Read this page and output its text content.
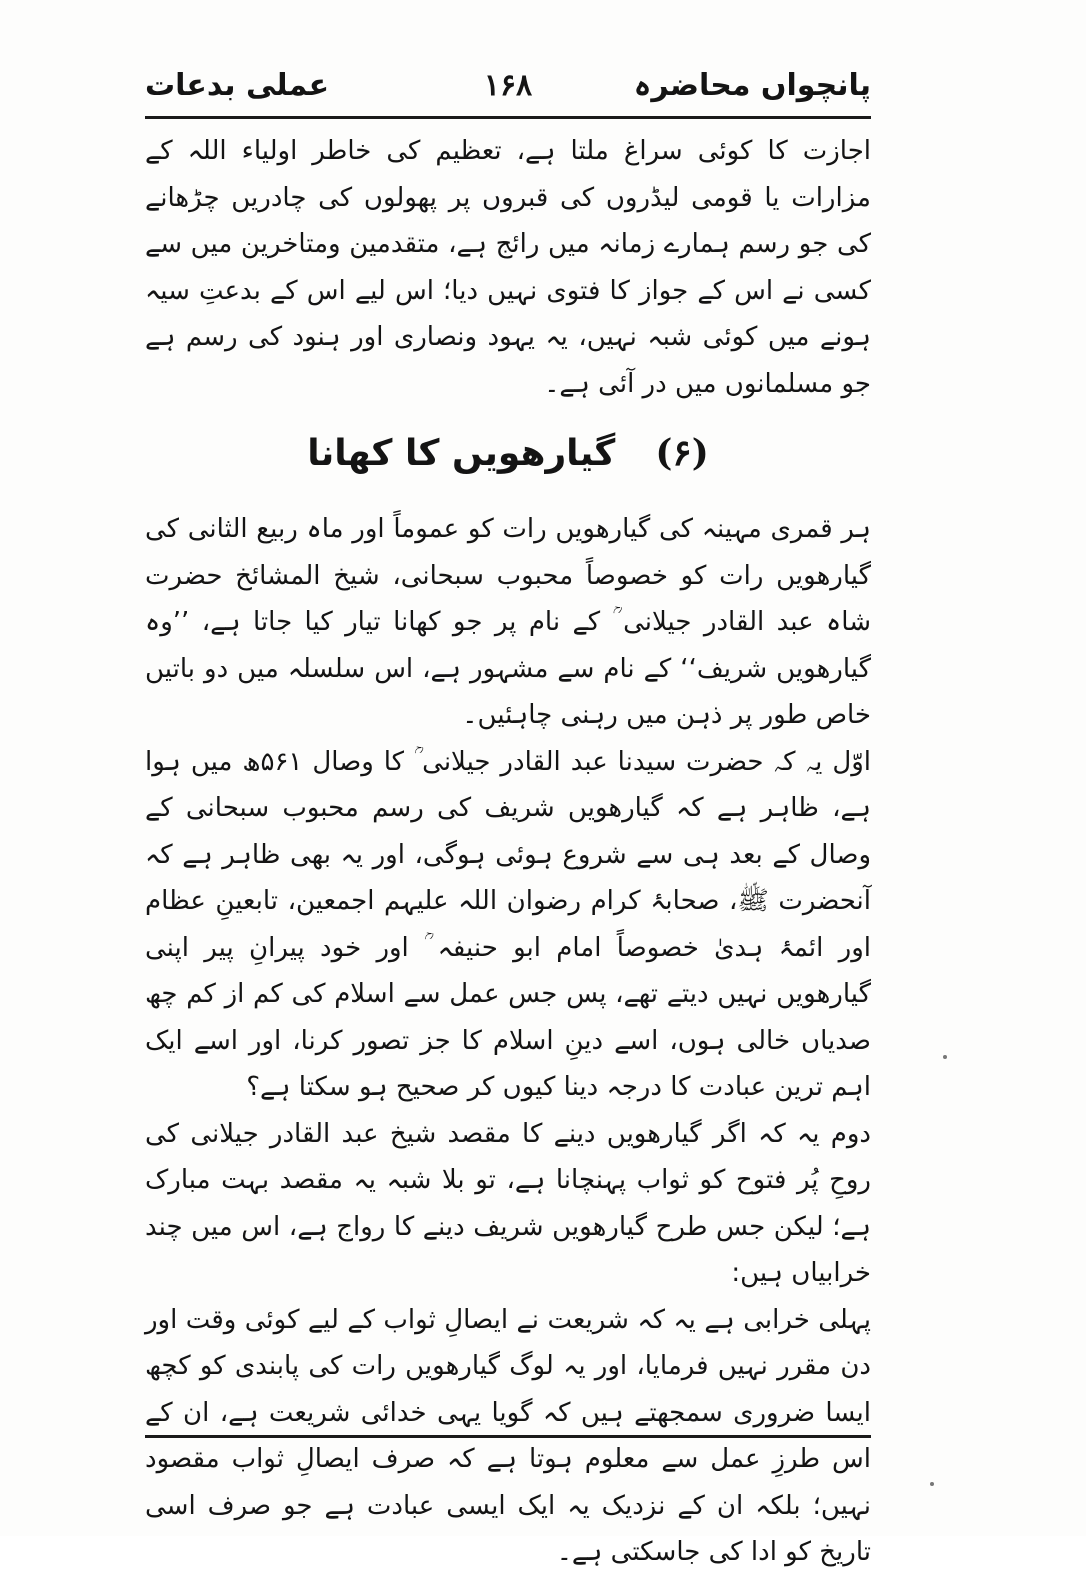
پانچواں محاضرہ
۱۶۸
عملی بدعات

اجازت کا کوئی سراغ ملتا ہے، تعظیم کی خاطر اولیاء اللہ کے مزارات یا قومی لیڈروں کی قبروں پر پھولوں کی چادریں چڑھانے کی جو رسم ہمارے زمانہ میں رائج ہے، متقدمین ومتاخرین میں سے کسی نے اس کے جواز کا فتوی نہیں دیا؛ اس لیے اس کے بدعتِ سیہ ہونے میں کوئی شبہ نہیں، یہ یہود ونصاری اور ہنود کی رسم ہے جو مسلمانوں میں در آئی ہے۔

(۶)گیارھویں کا کھانا

ہر قمری مہینہ کی گیارھویں رات کو عموماً اور ماہ ربیع الثانی کی گیارھویں رات کو خصوصاً محبوب سبحانی، شیخ المشائخ حضرت شاہ عبد القادر جیلانی ؒ کے نام پر جو کھانا تیار کیا جاتا ہے، ’’وہ گیارھویں شریف‘‘ کے نام سے مشہور ہے، اس سلسلہ میں دو باتیں خاص طور پر ذہن میں رہنی چاہئیں۔

اوّل یہ کہ حضرت سیدنا عبد القادر جیلانی ؒ کا وصال ۵۶۱ھ میں ہوا ہے، ظاہر ہے کہ گیارھویں شریف کی رسم محبوب سبحانی کے وصال کے بعد ہی سے شروع ہوئی ہوگی، اور یہ بھی ظاہر ہے کہ آنحضرت ﷺ، صحابۂ کرام رضوان اللہ علیہم اجمعین، تابعینِ عظام اور ائمۂ ہدیٰ خصوصاً امام ابو حنیفہ ؒ اور خود پیرانِ پیر اپنی گیارھویں نہیں دیتے تھے، پس جس عمل سے اسلام کی کم از کم چھ صدیاں خالی ہوں، اسے دینِ اسلام کا جز تصور کرنا، اور اسے ایک اہم ترین عبادت کا درجہ دینا کیوں کر صحیح ہو سکتا ہے؟

دوم یہ کہ اگر گیارھویں دینے کا مقصد شیخ عبد القادر جیلانی کی روحِ پُر فتوح کو ثواب پہنچانا ہے، تو بلا شبہ یہ مقصد بہت مبارک ہے؛ لیکن جس طرح گیارھویں شریف دینے کا رواج ہے، اس میں چند خرابیاں ہیں:

پہلی خرابی ہے یہ کہ شریعت نے ایصالِ ثواب کے لیے کوئی وقت اور دن مقرر نہیں فرمایا، اور یہ لوگ گیارھویں رات کی پابندی کو کچھ ایسا ضروری سمجھتے ہیں کہ گویا یہی خدائی شریعت ہے، ان کے اس طرزِ عمل سے معلوم ہوتا ہے کہ صرف ایصالِ ثواب مقصود نہیں؛ بلکہ ان کے نزدیک یہ ایک ایسی عبادت ہے جو صرف اسی تاریخ کو ادا کی جاسکتی ہے۔
